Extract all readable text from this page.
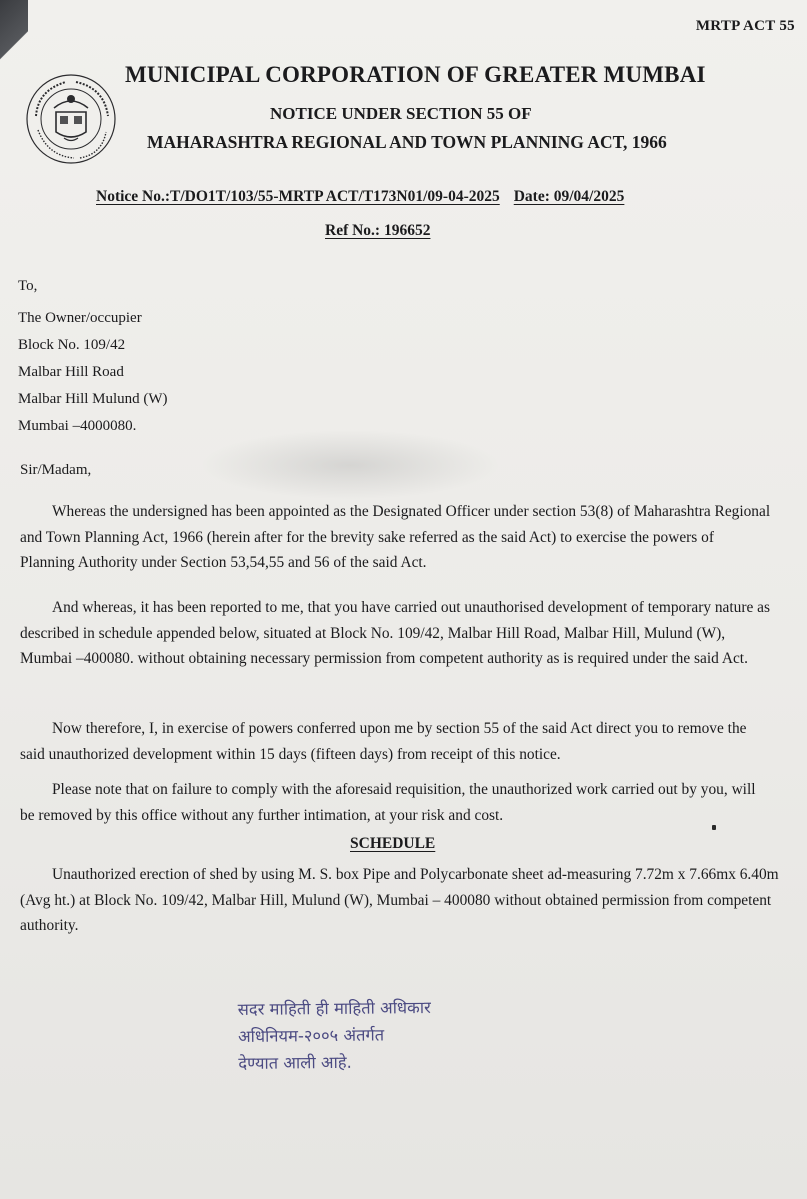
MRTP ACT 55
MUNICIPAL CORPORATION OF GREATER MUMBAI
NOTICE UNDER SECTION 55 OF
MAHARASHTRA REGIONAL AND TOWN PLANNING ACT, 1966
Notice No.:T/DO1T/103/55-MRTP ACT/T173N01/09-04-2025 Date: 09/04/2025
Ref No.: 196652
To,
The Owner/occupier
Block No. 109/42
Malbar Hill Road
Malbar Hill Mulund (W)
Mumbai –4000080.
Sir/Madam,

Whereas the undersigned has been appointed as the Designated Officer under section 53(8) of Maharashtra Regional and Town Planning Act, 1966 (herein after for the brevity sake referred as the said Act) to exercise the powers of Planning Authority under Section 53,54,55 and 56 of the said Act.

And whereas, it has been reported to me, that you have carried out unauthorised development of temporary nature as described in schedule appended below, situated at Block No. 109/42, Malbar Hill Road, Malbar Hill, Mulund (W), Mumbai –400080. without obtaining necessary permission from competent authority as is required under the said Act.

Now therefore, I, in exercise of powers conferred upon me by section 55 of the said Act direct you to remove the said unauthorized development within 15 days (fifteen days) from receipt of this notice.

Please note that on failure to comply with the aforesaid requisition, the unauthorized work carried out by you, will be removed by this office without any further intimation, at your risk and cost.

SCHEDULE

Unauthorized erection of shed by using M. S. box Pipe and Polycarbonate sheet ad-measuring 7.72m x 7.66mx 6.40m (Avg ht.) at Block No. 109/42, Malbar Hill, Mulund (W), Mumbai – 400080 without obtained permission from competent authority.

सदर माहिती ही माहिती अधिकार
अधिनियम-२००५ अंतर्गत
देण्यात आली आहे.
